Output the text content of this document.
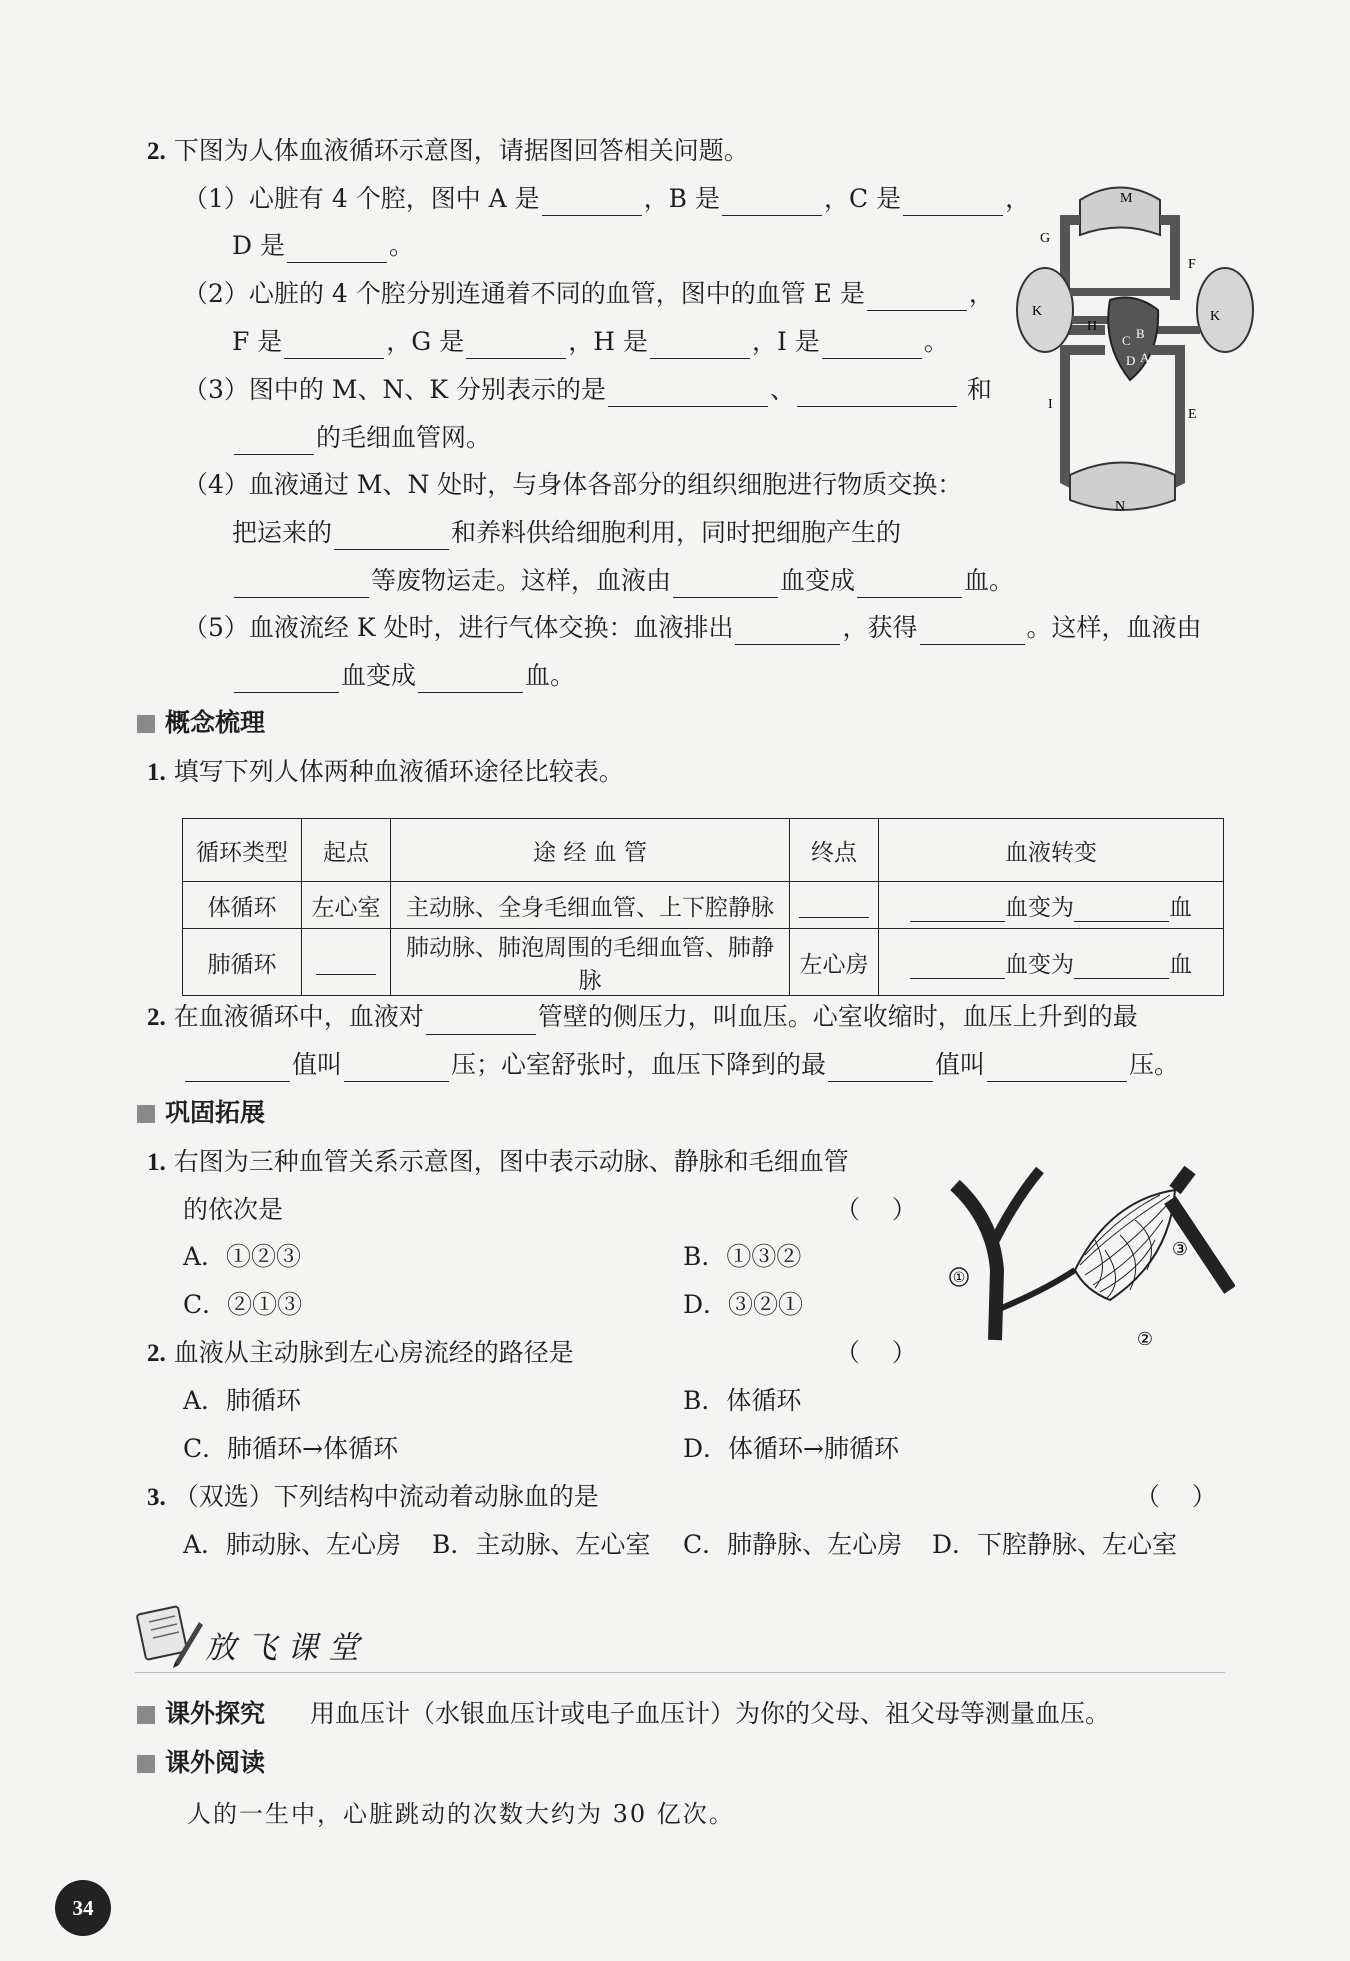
2. 下图为人体血液循环示意图，请据图回答相关问题。
（1）心脏有 4 个腔，图中 A 是	，B 是	，C 是	，
D 是	。
（2）心脏的 4 个腔分别连通着不同的血管，图中的血管 E 是	，
F 是	，G 是	，H 是	，I 是	。
（3）图中的 M、N、K 分别表示的是	、	和
的毛细血管网。
（4）血液通过 M、N 处时，与身体各部分的组织细胞进行物质交换：
把运来的	和养料供给细胞利用，同时把细胞产生的
等废物运走。这样，血液由	血变成	血。
（5）血液流经 K 处时，进行气体交换：血液排出	，获得	。这样，血液由
血变成	血。
M
G
F
K
H
C B
D A
K
I
E
N
概念梳理
1. 填写下列人体两种血液循环途径比较表。
循环类型	起点	途 经 血 管	终点	血液转变
体循环	左心室	主动脉、全身毛细血管、上下腔静脉		血变为 血
肺循环		肺动脉、肺泡周围的毛细血管、肺静脉	左心房	血变为 血
2. 在血液循环中，血液对	管壁的侧压力，叫血压。心室收缩时，血压上升到的最
值叫	压；心室舒张时，血压下降到的最	值叫	压。
巩固拓展
1. 右图为三种血管关系示意图，图中表示动脉、静脉和毛细血管
的依次是	（    ）
A．①②③	B．①③②
C．②①③	D．③②①
①
②
③
2. 血液从主动脉到左心房流经的路径是	（    ）
A．肺循环	B．体循环
C．肺循环→体循环	D．体循环→肺循环
3. （双选）下列结构中流动着动脉血的是	（    ）
A．肺动脉、左心房 B．主动脉、左心室 C．肺静脉、左心房 D．下腔静脉、左心室
放飞课堂
课外探究 用血压计（水银血压计或电子血压计）为你的父母、祖父母等测量血压。
课外阅读
人的一生中，心脏跳动的次数大约为 30 亿次。
34
